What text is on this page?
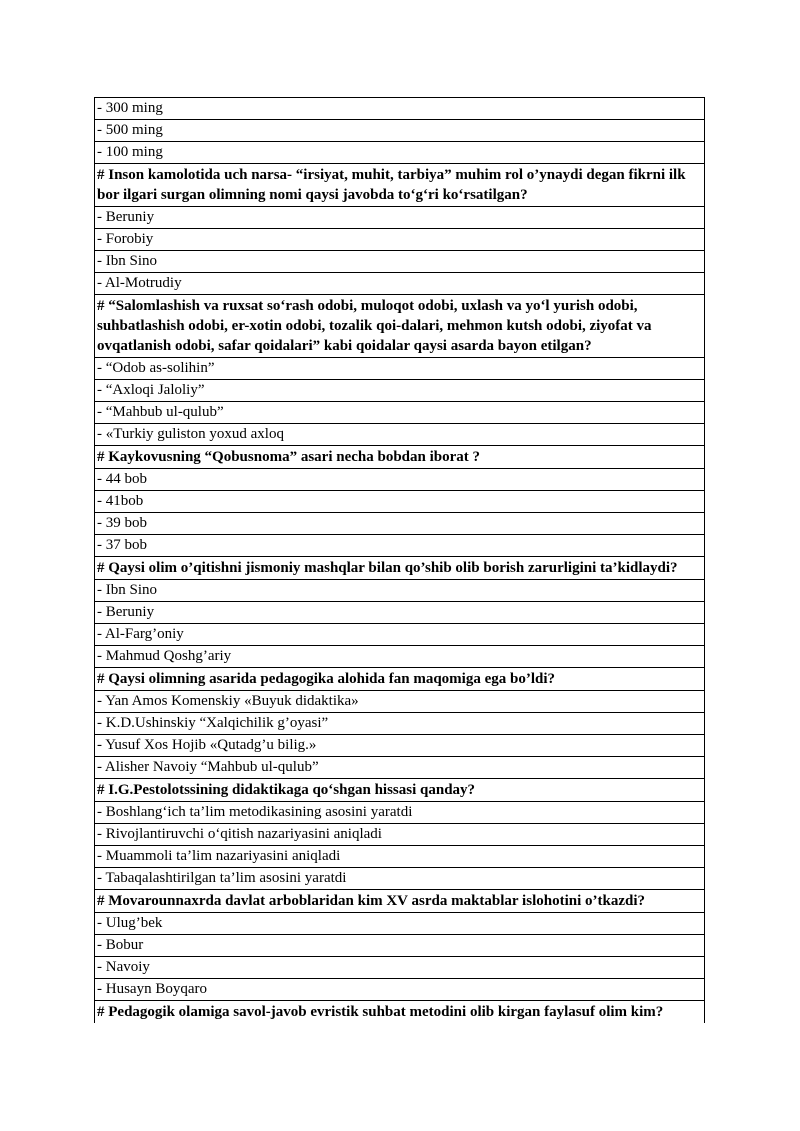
- 300 ming
- 500 ming
- 100 ming
# Inson kamolotida uch narsa- “irsiyat, muhit, tarbiya” muhim rol o’ynaydi degan fikrni ilk bor ilgari surgan olimning nomi qaysi javobda to‘g‘ri ko‘rsatilgan?
- Beruniy
- Forobiy
- Ibn Sino
- Al-Motrudiy
# “Salomlashish va ruxsat so‘rash odobi, muloqot odobi, uxlash va yo‘l yurish odobi, suhbatlashish odobi, er-xotin odobi, tozalik qoi-dalari, mehmon kutsh odobi, ziyofat va ovqatlanish odobi, safar qoidalari” kabi qoidalar qaysi asarda bayon etilgan?
- “Odob as-solihin”
- “Axloqi Jaloliy”
- “Mahbub ul-qulub”
- «Turkiy guliston yoxud axloq
# Kaykovusning “Qobusnoma” asari necha bobdan iborat ?
- 44 bob
- 41bob
- 39 bob
- 37 bob
# Qaysi olim o’qitishni jismoniy mashqlar bilan qo’shib olib borish zarurligini ta’kidlaydi?
- Ibn Sino
- Beruniy
- Al-Farg’oniy
- Mahmud Qoshg’ariy
# Qaysi olimning asarida pedagogika alohida fan maqomiga ega bo’ldi?
- Yan Amos Komenskiy «Buyuk didaktika»
- K.D.Ushinskiy “Xalqichilik g’oyasi”
- Yusuf Xos Hojib «Qutadg’u bilig.»
- Alisher Navoiy “Mahbub ul-qulub”
# I.G.Pestolotssining didaktikaga qo‘shgan hissasi qanday?
- Boshlang‘ich ta’lim metodikasining asosini yaratdi
- Rivojlantiruvchi o‘qitish nazariyasini aniqladi
- Muammoli ta’lim nazariyasini aniqladi
- Tabaqalashtirilgan ta’lim asosini yaratdi
# Movarounnaxrda davlat arboblaridan kim XV asrda maktablar islohotini o’tkazdi?
- Ulug’bek
- Bobur
- Navoiy
- Husayn Boyqaro
# Pedagogik olamiga savol-javob evristik suhbat metodini olib kirgan faylasuf olim kim?
